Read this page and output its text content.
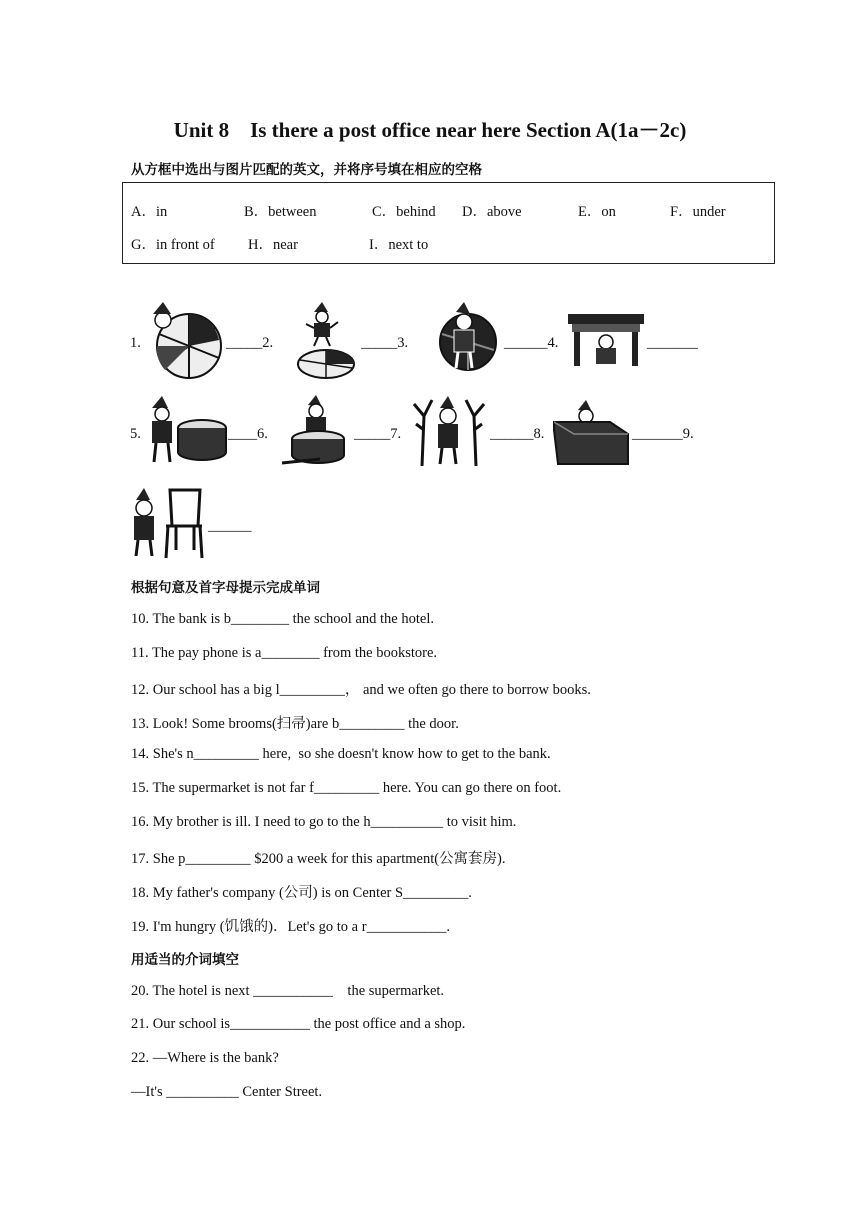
Unit 8    Is there a post office near here Section A(1a－2c)
从方框中选出与图片匹配的英文，并将序号填在相应的空格
A．in	B．between	C．behind D．above	E．on	F．under
G．in front of H．near	I．next to
1.	_____2.	_____3.	______4.	_______
5.	____6.	_____7.	______8.	_______9.
______
根据句意及首字母提示完成单词
10. The bank is b________ the school and the hotel.
11. The pay phone is a________ from the bookstore.
12. Our school has a big l_________， and we often go there to borrow books.
13. Look! Some brooms(扫帚)are b_________ the door.
14. She's n_________ here,  so she doesn't know how to get to the bank.
15. The supermarket is not far f_________ here. You can go there on foot.
16. My brother is ill. I need to go to the h__________ to visit him.
17. She p_________ $200 a week for this apartment(公寓套房).
18. My father's company (公司) is on Center S_________.
19. I'm hungry (饥饿的)．Let's go to a r___________.
用适当的介词填空
20. The hotel is next ___________    the supermarket.
21. Our school is___________ the post office and a shop.
22. —Where is the bank?
—It's __________ Center Street.
